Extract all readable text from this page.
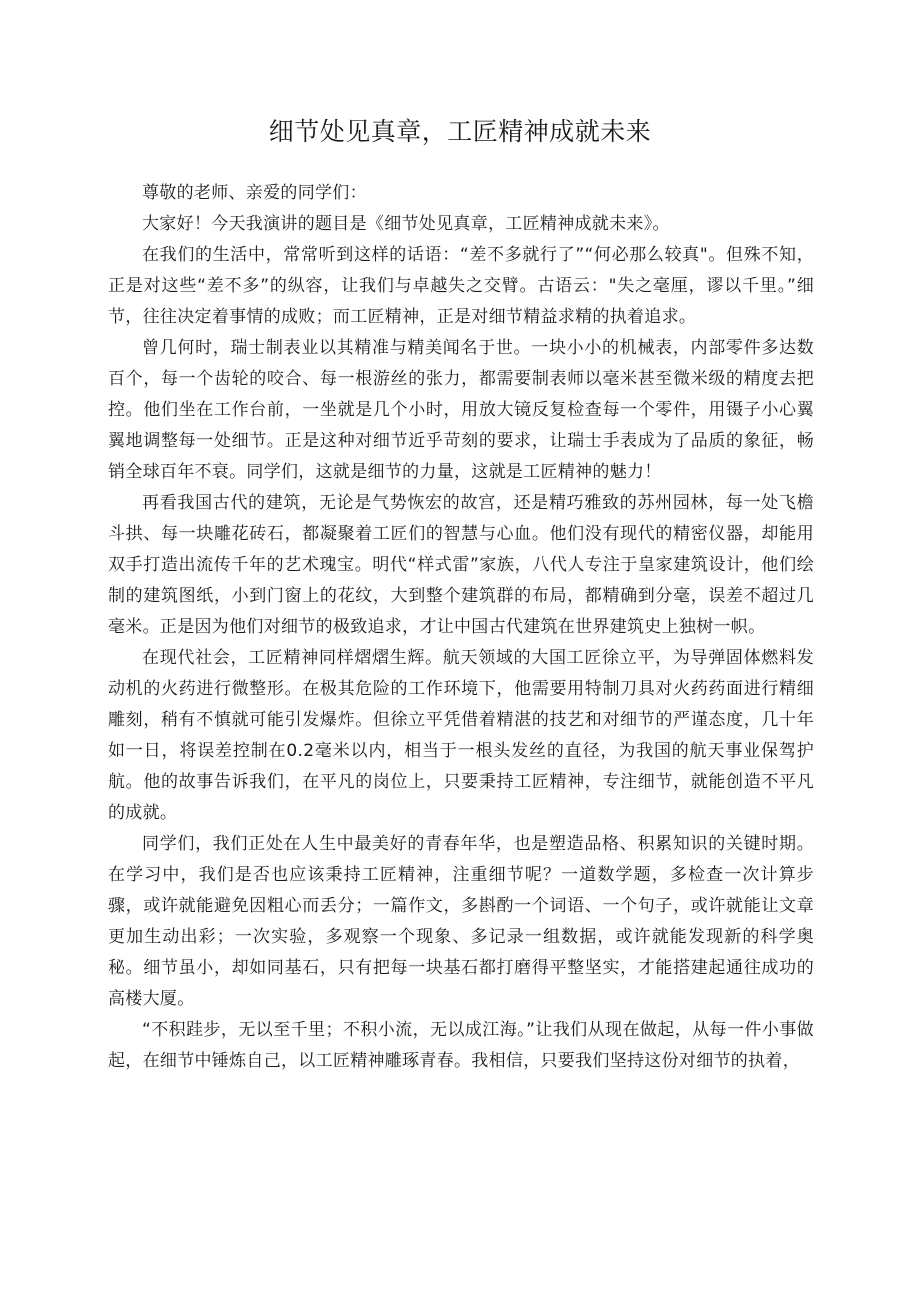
细节处见真章，工匠精神成就未来

尊敬的老师、亲爱的同学们：

大家好！今天我演讲的题目是《细节处见真章，工匠精神成就未来》。

在我们的生活中，常常听到这样的话语：“差不多就行了”“何必那么较真"。但殊不知，正是对这些“差不多”的纵容，让我们与卓越失之交臂。古语云："失之毫厘，谬以千里。”细节，往往决定着事情的成败；而工匠精神，正是对细节精益求精的执着追求。

曾几何时，瑞士制表业以其精准与精美闻名于世。一块小小的机械表，内部零件多达数百个，每一个齿轮的咬合、每一根游丝的张力，都需要制表师以毫米甚至微米级的精度去把控。他们坐在工作台前，一坐就是几个小时，用放大镜反复检查每一个零件，用镊子小心翼翼地调整每一处细节。正是这种对细节近乎苛刻的要求，让瑞士手表成为了品质的象征，畅销全球百年不衰。同学们，这就是细节的力量，这就是工匠精神的魅力！

再看我国古代的建筑，无论是气势恢宏的故宫，还是精巧雅致的苏州园林，每一处飞檐斗拱、每一块雕花砖石，都凝聚着工匠们的智慧与心血。他们没有现代的精密仪器，却能用双手打造出流传千年的艺术瑰宝。明代“样式雷”家族，八代人专注于皇家建筑设计，他们绘制的建筑图纸，小到门窗上的花纹，大到整个建筑群的布局，都精确到分毫，误差不超过几毫米。正是因为他们对细节的极致追求，才让中国古代建筑在世界建筑史上独树一帜。

在现代社会，工匠精神同样熠熠生辉。航天领域的大国工匠徐立平，为导弹固体燃料发动机的火药进行微整形。在极其危险的工作环境下，他需要用特制刀具对火药药面进行精细雕刻，稍有不慎就可能引发爆炸。但徐立平凭借着精湛的技艺和对细节的严谨态度，几十年如一日，将误差控制在0.2毫米以内，相当于一根头发丝的直径，为我国的航天事业保驾护航。他的故事告诉我们，在平凡的岗位上，只要秉持工匠精神，专注细节，就能创造不平凡的成就。

同学们，我们正处在人生中最美好的青春年华，也是塑造品格、积累知识的关键时期。在学习中，我们是否也应该秉持工匠精神，注重细节呢？一道数学题，多检查一次计算步骤，或许就能避免因粗心而丢分；一篇作文，多斟酌一个词语、一个句子，或许就能让文章更加生动出彩；一次实验，多观察一个现象、多记录一组数据，或许就能发现新的科学奥秘。细节虽小，却如同基石，只有把每一块基石都打磨得平整坚实，才能搭建起通往成功的高楼大厦。

“不积跬步，无以至千里；不积小流，无以成江海。”让我们从现在做起，从每一件小事做起，在细节中锤炼自己，以工匠精神雕琢青春。我相信，只要我们坚持这份对细节的执着，
